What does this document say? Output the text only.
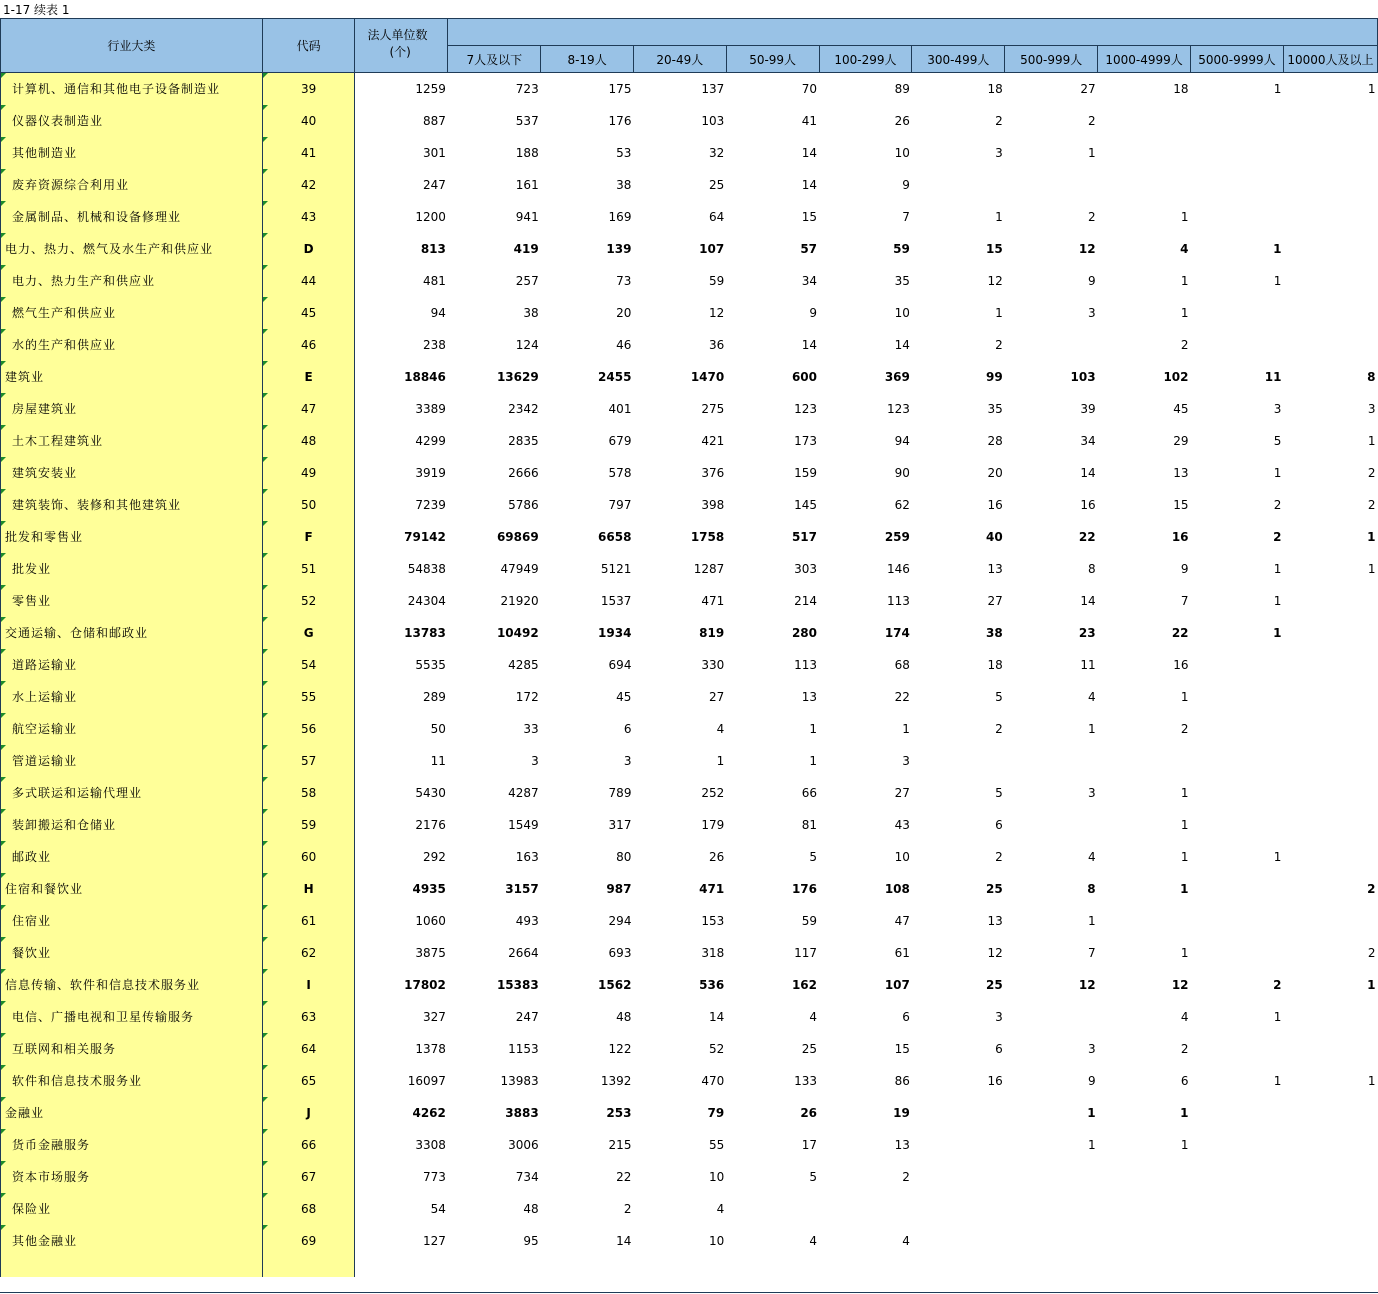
1-17 续表 1
行业大类	代码	法人单位数
(个)										

			7人及以下	8-19人	20-49人	50-99人	100-299人	300-499人	500-999人	1000-4999人	5000-9999人	10000人及以上
计算机、通信和其他电子设备制造业	39	1259	723	175	137	70	89	18	27	18	1	1
仪器仪表制造业	40	887	537	176	103	41	26	2	2			
其他制造业	41	301	188	53	32	14	10	3	1			
废弃资源综合利用业	42	247	161	38	25	14	9					
金属制品、机械和设备修理业	43	1200	941	169	64	15	7	1	2	1		
电力、热力、燃气及水生产和供应业	D	813	419	139	107	57	59	15	12	4	1	
电力、热力生产和供应业	44	481	257	73	59	34	35	12	9	1	1	
燃气生产和供应业	45	94	38	20	12	9	10	1	3	1		
水的生产和供应业	46	238	124	46	36	14	14	2		2		
建筑业	E	18846	13629	2455	1470	600	369	99	103	102	11	8
房屋建筑业	47	3389	2342	401	275	123	123	35	39	45	3	3
土木工程建筑业	48	4299	2835	679	421	173	94	28	34	29	5	1
建筑安装业	49	3919	2666	578	376	159	90	20	14	13	1	2
建筑装饰、装修和其他建筑业	50	7239	5786	797	398	145	62	16	16	15	2	2
批发和零售业	F	79142	69869	6658	1758	517	259	40	22	16	2	1
批发业	51	54838	47949	5121	1287	303	146	13	8	9	1	1
零售业	52	24304	21920	1537	471	214	113	27	14	7	1	
交通运输、仓储和邮政业	G	13783	10492	1934	819	280	174	38	23	22	1	
道路运输业	54	5535	4285	694	330	113	68	18	11	16		
水上运输业	55	289	172	45	27	13	22	5	4	1		
航空运输业	56	50	33	6	4	1	1	2	1	2		
管道运输业	57	11	3	3	1	1	3					
多式联运和运输代理业	58	5430	4287	789	252	66	27	5	3	1		
装卸搬运和仓储业	59	2176	1549	317	179	81	43	6		1		
邮政业	60	292	163	80	26	5	10	2	4	1	1	
住宿和餐饮业	H	4935	3157	987	471	176	108	25	8	1		2
住宿业	61	1060	493	294	153	59	47	13	1			
餐饮业	62	3875	2664	693	318	117	61	12	7	1		2
信息传输、软件和信息技术服务业	I	17802	15383	1562	536	162	107	25	12	12	2	1
电信、广播电视和卫星传输服务	63	327	247	48	14	4	6	3		4	1	
互联网和相关服务	64	1378	1153	122	52	25	15	6	3	2		
软件和信息技术服务业	65	16097	13983	1392	470	133	86	16	9	6	1	1
金融业	J	4262	3883	253	79	26	19		1	1		
货币金融服务	66	3308	3006	215	55	17	13		1	1		
资本市场服务	67	773	734	22	10	5	2					
保险业	68	54	48	2	4							
其他金融业	69	127	95	14	10	4	4					
